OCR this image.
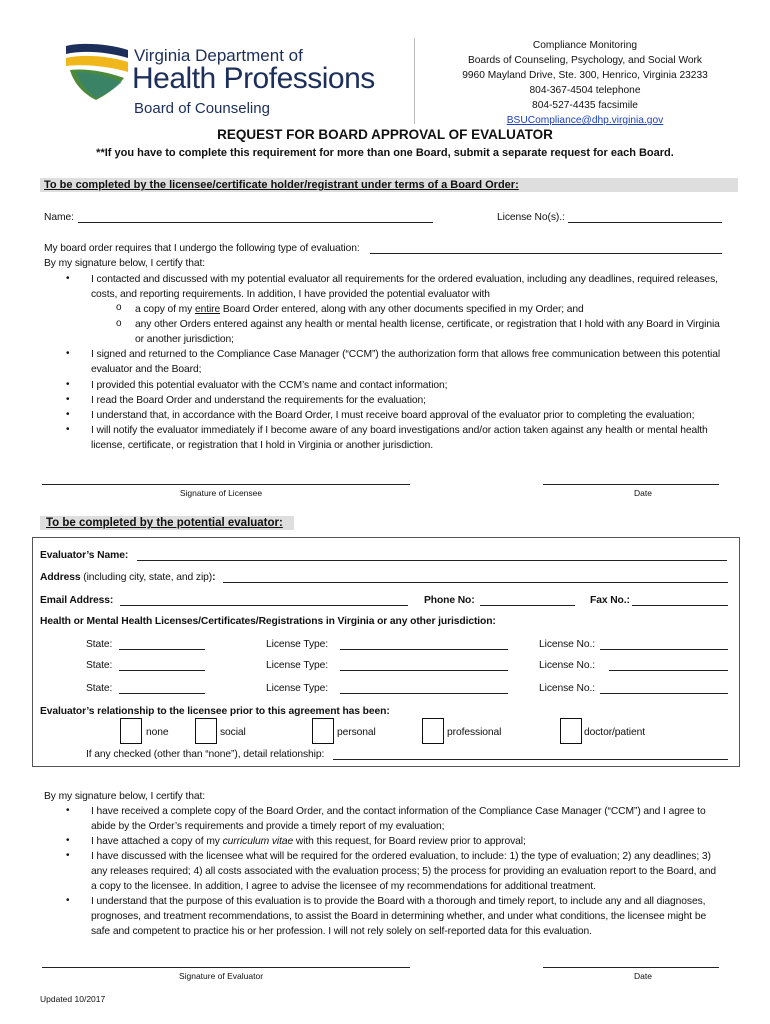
Virginia Department of
Health Professions
Board of Counseling
Compliance Monitoring
Boards of Counseling, Psychology, and Social Work
9960 Mayland Drive, Ste. 300, Henrico, Virginia 23233
804-367-4504 telephone
804-527-4435 facsimile
BSUCompliance@dhp.virginia.gov
REQUEST FOR BOARD APPROVAL OF EVALUATOR
**If you have to complete this requirement for more than one Board, submit a separate request for each Board.
To be completed by the licensee/certificate holder/registrant under terms of a Board Order:
Name:	License No(s).:
My board order requires that I undergo the following type of evaluation:
By my signature below, I certify that:
• I contacted and discussed with my potential evaluator all requirements for the ordered evaluation, including any deadlines, required releases,
costs, and reporting requirements. In addition, I have provided the potential evaluator with
o a copy of my entire Board Order entered, along with any other documents specified in my Order; and
o any other Orders entered against any health or mental health license, certificate, or registration that I hold with any Board in Virginia
or another jurisdiction;
• I signed and returned to the Compliance Case Manager (“CCM”) the authorization form that allows free communication between this potential
evaluator and the Board;
• I provided this potential evaluator with the CCM’s name and contact information;
• I read the Board Order and understand the requirements for the evaluation;
• I understand that, in accordance with the Board Order, I must receive board approval of the evaluator prior to completing the evaluation;
• I will notify the evaluator immediately if I become aware of any board investigations and/or action taken against any health or mental health
license, certificate, or registration that I hold in Virginia or another jurisdiction.
Signature of Licensee	Date
To be completed by the potential evaluator:
Evaluator’s Name:
Address (including city, state, and zip):
Email Address:	Phone No:	Fax No.:
Health or Mental Health Licenses/Certificates/Registrations in Virginia or any other jurisdiction:
State:	License Type:	License No.:
State:	License Type:	License No.:
State:	License Type:	License No.:
Evaluator’s relationship to the licensee prior to this agreement has been:
none	social	personal	professional	doctor/patient
If any checked (other than “none”), detail relationship:
By my signature below, I certify that:
• I have received a complete copy of the Board Order, and the contact information of the Compliance Case Manager (“CCM”) and I agree to
abide by the Order’s requirements and provide a timely report of my evaluation;
• I have attached a copy of my curriculum vitae with this request, for Board review prior to approval;
• I have discussed with the licensee what will be required for the ordered evaluation, to include: 1) the type of evaluation; 2) any deadlines; 3)
any releases required; 4) all costs associated with the evaluation process; 5) the process for providing an evaluation report to the Board, and
a copy to the licensee. In addition, I agree to advise the licensee of my recommendations for additional treatment.
• I understand that the purpose of this evaluation is to provide the Board with a thorough and timely report, to include any and all diagnoses,
prognoses, and treatment recommendations, to assist the Board in determining whether, and under what conditions, the licensee might be
safe and competent to practice his or her profession. I will not rely solely on self-reported data for this evaluation.
Signature of Evaluator	Date
Updated 10/2017
